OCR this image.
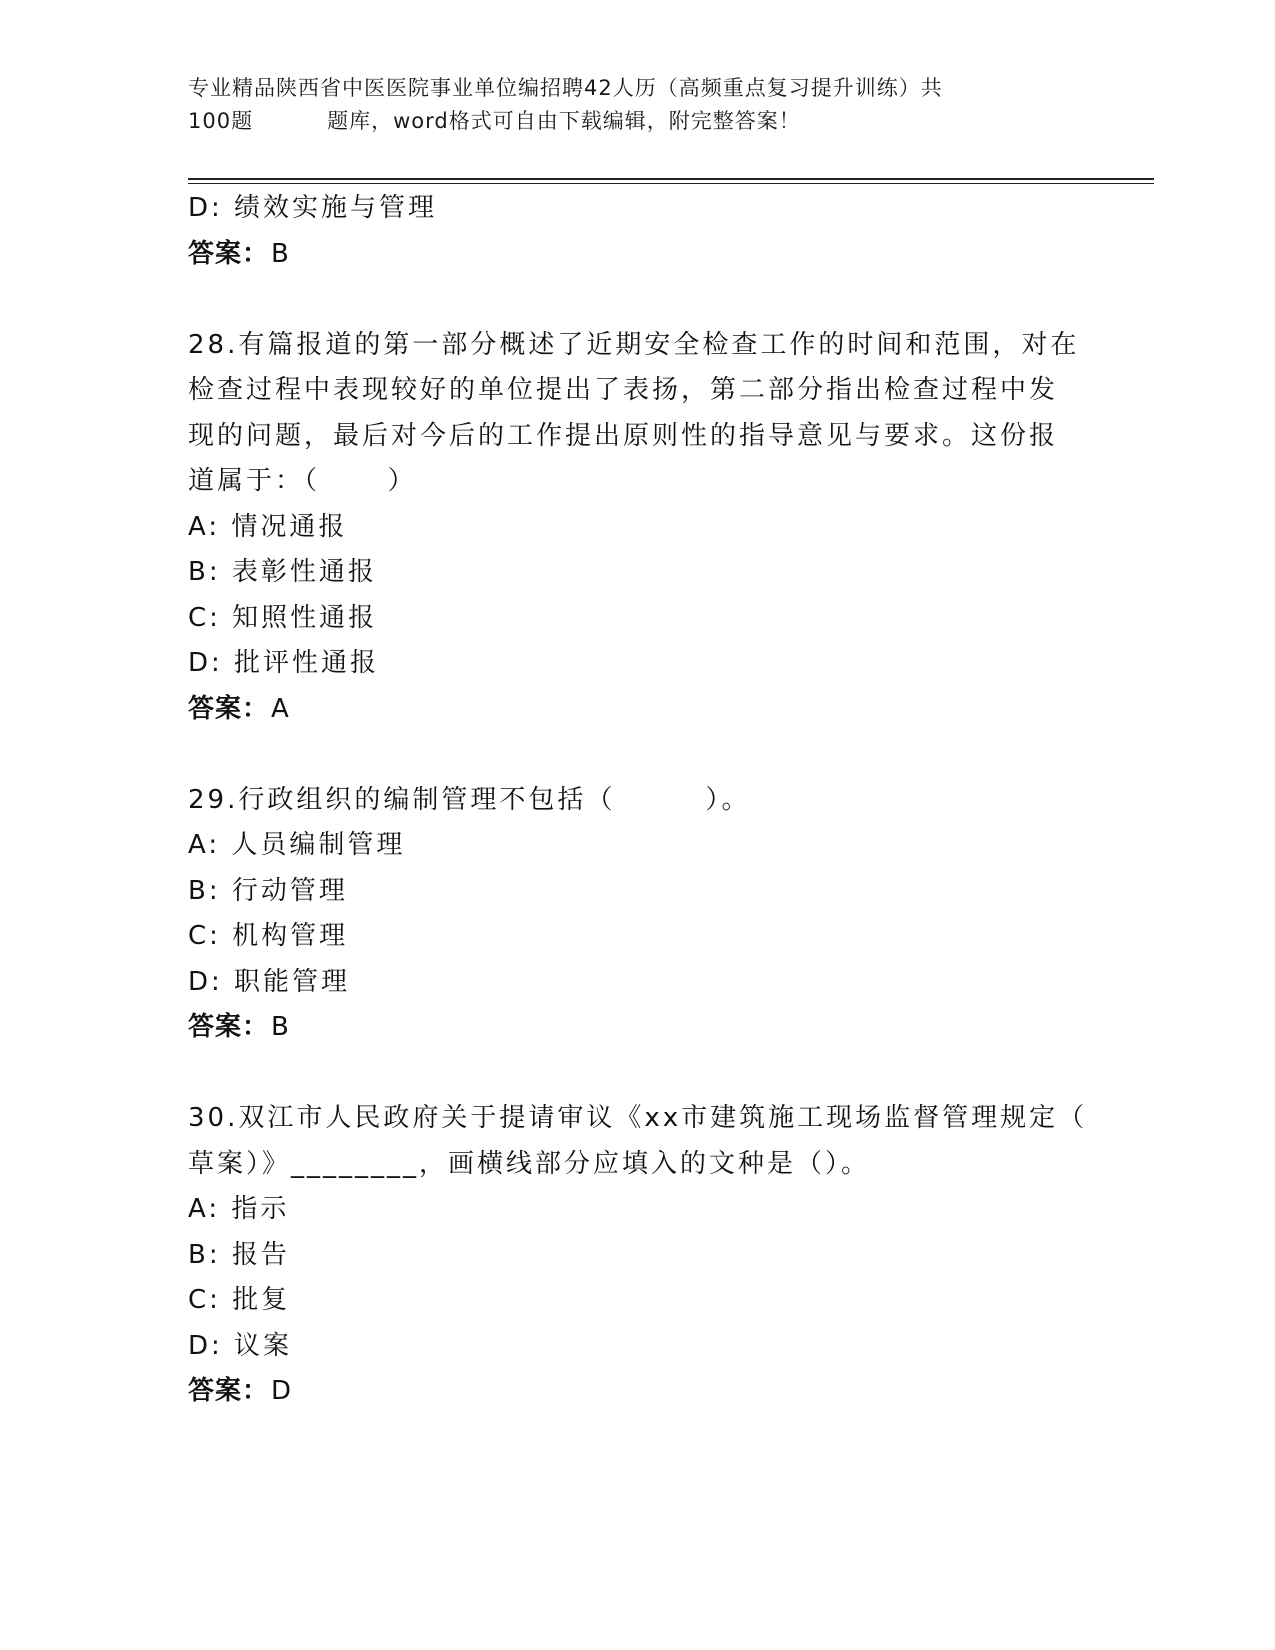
专业精品陕西省中医医院事业单位编招聘42人历（高频重点复习提升训练）共
100题	题库，word格式可自由下载编辑，附完整答案！
D: 绩效实施与管理
答案：B
28.有篇报道的第一部分概述了近期安全检查工作的时间和范围，对在
检查过程中表现较好的单位提出了表扬，第二部分指出检查过程中发
现的问题，最后对今后的工作提出原则性的指导意见与要求。这份报
道属于：（      ）
A: 情况通报
B: 表彰性通报
C: 知照性通报
D: 批评性通报
答案：A
29.行政组织的编制管理不包括（        ）。
A: 人员编制管理
B: 行动管理
C: 机构管理
D: 职能管理
答案：B
30.双江市人民政府关于提请审议《xx市建筑施工现场监督管理规定（
草案）》________，画横线部分应填入的文种是（）。
A: 指示
B: 报告
C: 批复
D: 议案
答案：D
